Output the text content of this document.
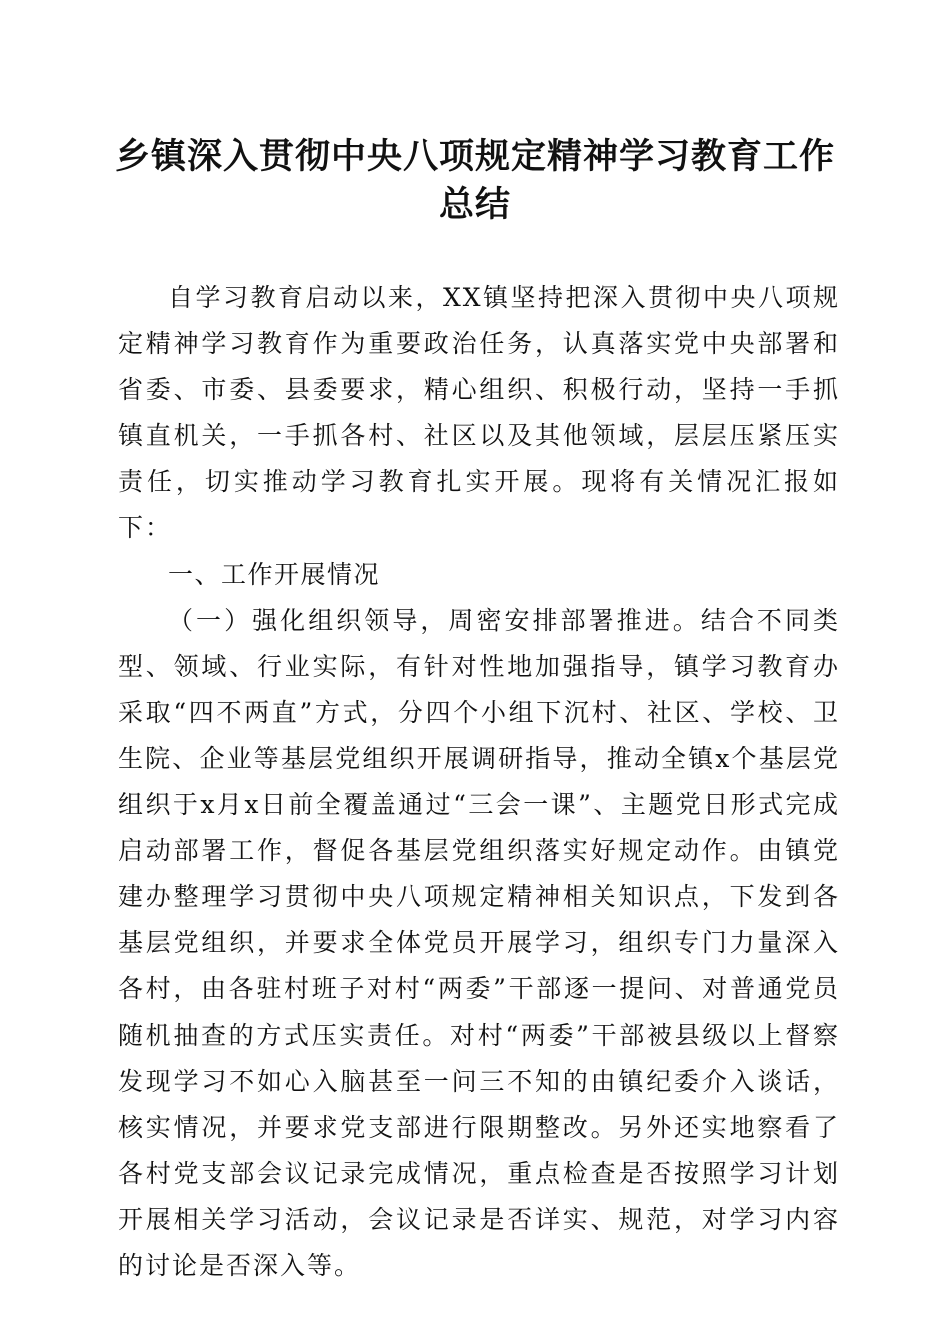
乡镇深入贯彻中央八项规定精神学习教育工作
总结

自学习教育启动以来，XX镇坚持把深入贯彻中央八项规定精神学习教育作为重要政治任务，认真落实党中央部署和省委、市委、县委要求，精心组织、积极行动，坚持一手抓镇直机关，一手抓各村、社区以及其他领域，层层压紧压实责任，切实推动学习教育扎实开展。现将有关情况汇报如下：

一、工作开展情况

（一）强化组织领导，周密安排部署推进。结合不同类型、领域、行业实际，有针对性地加强指导，镇学习教育办采取“四不两直”方式，分四个小组下沉村、社区、学校、卫生院、企业等基层党组织开展调研指导，推动全镇x个基层党组织于x月x日前全覆盖通过“三会一课”、主题党日形式完成启动部署工作，督促各基层党组织落实好规定动作。由镇党建办整理学习贯彻中央八项规定精神相关知识点，下发到各基层党组织，并要求全体党员开展学习，组织专门力量深入各村，由各驻村班子对村“两委”干部逐一提问、对普通党员随机抽查的方式压实责任。对村“两委”干部被县级以上督察发现学习不如心入脑甚至一问三不知的由镇纪委介入谈话，核实情况，并要求党支部进行限期整改。另外还实地察看了各村党支部会议记录完成情况，重点检查是否按照学习计划开展相关学习活动，会议记录是否详实、规范，对学习内容的讨论是否深入等。
